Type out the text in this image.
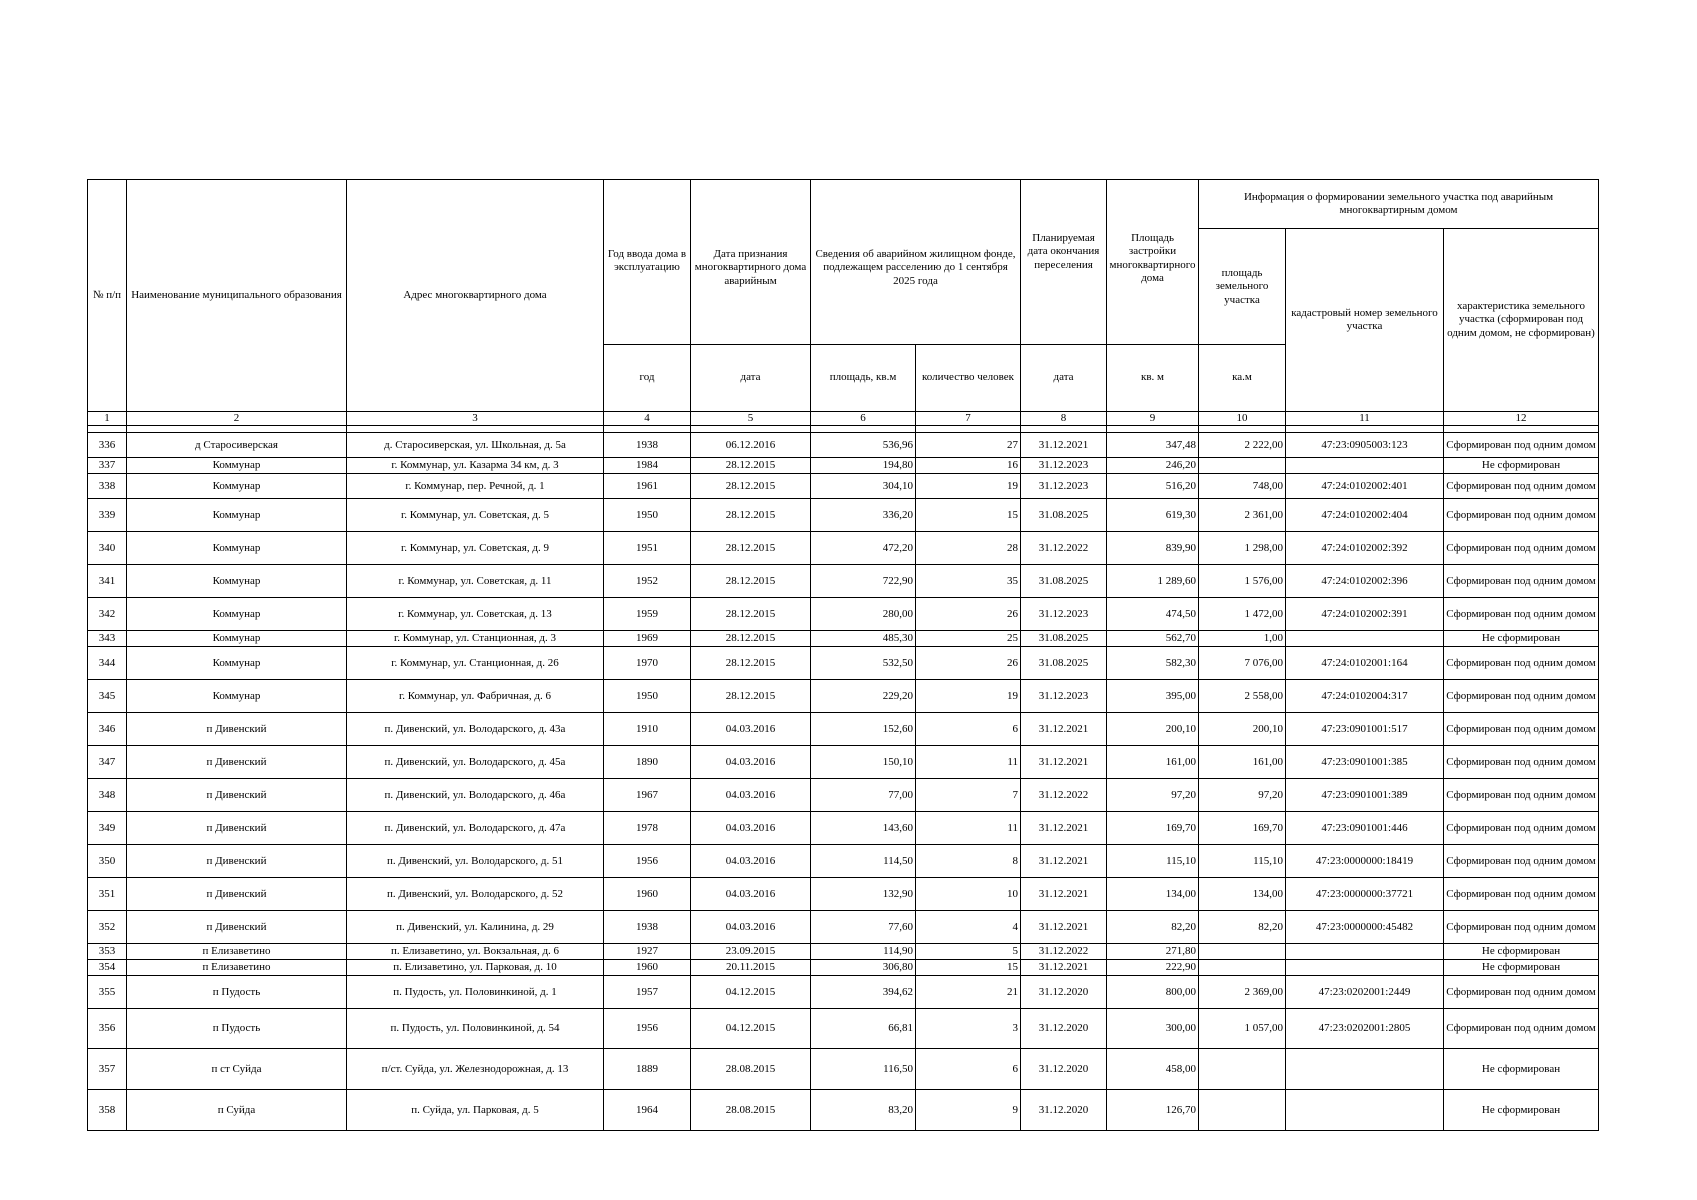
№ п/п	Наименование муниципального образования	Адрес многоквартирного дома	Год ввода дома в эксплуатацию	Дата признания многоквартирного дома аварийным	Сведения об аварийном жилищном фонде, подлежащем расселению до 1 сентября 2025 года		Планируемая дата окончания переселения	Площадь застройки многоквартирного дома	Информация о формировании земельного участка под аварийным многоквартирным домом		
									площадь земельного участка	кадастровый номер земельного участка	характеристика земельного участка (сформирован под одним домом, не сформирован)
			год	дата	площадь, кв.м	количество человек	дата	кв. м	ка.м		
1	2	3	4	5	6	7	8	9	10	11	12

336	д Старосиверская	д. Старосиверская, ул. Школьная, д. 5а	1938	06.12.2016	536,96	27	31.12.2021	347,48	2 222,00	47:23:0905003:123	Сформирован под одним домом
337	Коммунар	г. Коммунар, ул. Казарма 34 км, д. 3	1984	28.12.2015	194,80	16	31.12.2023	246,20			Не сформирован
338	Коммунар	г. Коммунар, пер. Речной, д. 1	1961	28.12.2015	304,10	19	31.12.2023	516,20	748,00	47:24:0102002:401	Сформирован под одним домом
339	Коммунар	г. Коммунар, ул. Советская, д. 5	1950	28.12.2015	336,20	15	31.08.2025	619,30	2 361,00	47:24:0102002:404	Сформирован под одним домом
340	Коммунар	г. Коммунар, ул. Советская, д. 9	1951	28.12.2015	472,20	28	31.12.2022	839,90	1 298,00	47:24:0102002:392	Сформирован под одним домом
341	Коммунар	г. Коммунар, ул. Советская, д. 11	1952	28.12.2015	722,90	35	31.08.2025	1 289,60	1 576,00	47:24:0102002:396	Сформирован под одним домом
342	Коммунар	г. Коммунар, ул. Советская, д. 13	1959	28.12.2015	280,00	26	31.12.2023	474,50	1 472,00	47:24:0102002:391	Сформирован под одним домом
343	Коммунар	г. Коммунар, ул. Станционная, д. 3	1969	28.12.2015	485,30	25	31.08.2025	562,70	1,00		Не сформирован
344	Коммунар	г. Коммунар, ул. Станционная, д. 26	1970	28.12.2015	532,50	26	31.08.2025	582,30	7 076,00	47:24:0102001:164	Сформирован под одним домом
345	Коммунар	г. Коммунар, ул. Фабричная, д. 6	1950	28.12.2015	229,20	19	31.12.2023	395,00	2 558,00	47:24:0102004:317	Сформирован под одним домом
346	п Дивенский	п. Дивенский, ул. Володарского, д. 43а	1910	04.03.2016	152,60	6	31.12.2021	200,10	200,10	47:23:0901001:517	Сформирован под одним домом
347	п Дивенский	п. Дивенский, ул. Володарского, д. 45а	1890	04.03.2016	150,10	11	31.12.2021	161,00	161,00	47:23:0901001:385	Сформирован под одним домом
348	п Дивенский	п. Дивенский, ул. Володарского, д. 46а	1967	04.03.2016	77,00	7	31.12.2022	97,20	97,20	47:23:0901001:389	Сформирован под одним домом
349	п Дивенский	п. Дивенский, ул. Володарского, д. 47а	1978	04.03.2016	143,60	11	31.12.2021	169,70	169,70	47:23:0901001:446	Сформирован под одним домом
350	п Дивенский	п. Дивенский, ул. Володарского, д. 51	1956	04.03.2016	114,50	8	31.12.2021	115,10	115,10	47:23:0000000:18419	Сформирован под одним домом
351	п Дивенский	п. Дивенский, ул. Володарского, д. 52	1960	04.03.2016	132,90	10	31.12.2021	134,00	134,00	47:23:0000000:37721	Сформирован под одним домом
352	п Дивенский	п. Дивенский, ул. Калинина, д. 29	1938	04.03.2016	77,60	4	31.12.2021	82,20	82,20	47:23:0000000:45482	Сформирован под одним домом
353	п Елизаветино	п. Елизаветино, ул. Вокзальная, д. 6	1927	23.09.2015	114,90	5	31.12.2022	271,80			Не сформирован
354	п Елизаветино	п. Елизаветино, ул. Парковая, д. 10	1960	20.11.2015	306,80	15	31.12.2021	222,90			Не сформирован
355	п Пудость	п. Пудость, ул. Половинкиной, д. 1	1957	04.12.2015	394,62	21	31.12.2020	800,00	2 369,00	47:23:0202001:2449	Сформирован под одним домом
356	п Пудость	п. Пудость, ул. Половинкиной, д. 54	1956	04.12.2015	66,81	3	31.12.2020	300,00	1 057,00	47:23:0202001:2805	Сформирован под одним домом
357	п ст Суйда	п/ст. Суйда, ул. Железнодорожная, д. 13	1889	28.08.2015	116,50	6	31.12.2020	458,00			Не сформирован
358	п Суйда	п. Суйда, ул. Парковая, д. 5	1964	28.08.2015	83,20	9	31.12.2020	126,70			Не сформирован
